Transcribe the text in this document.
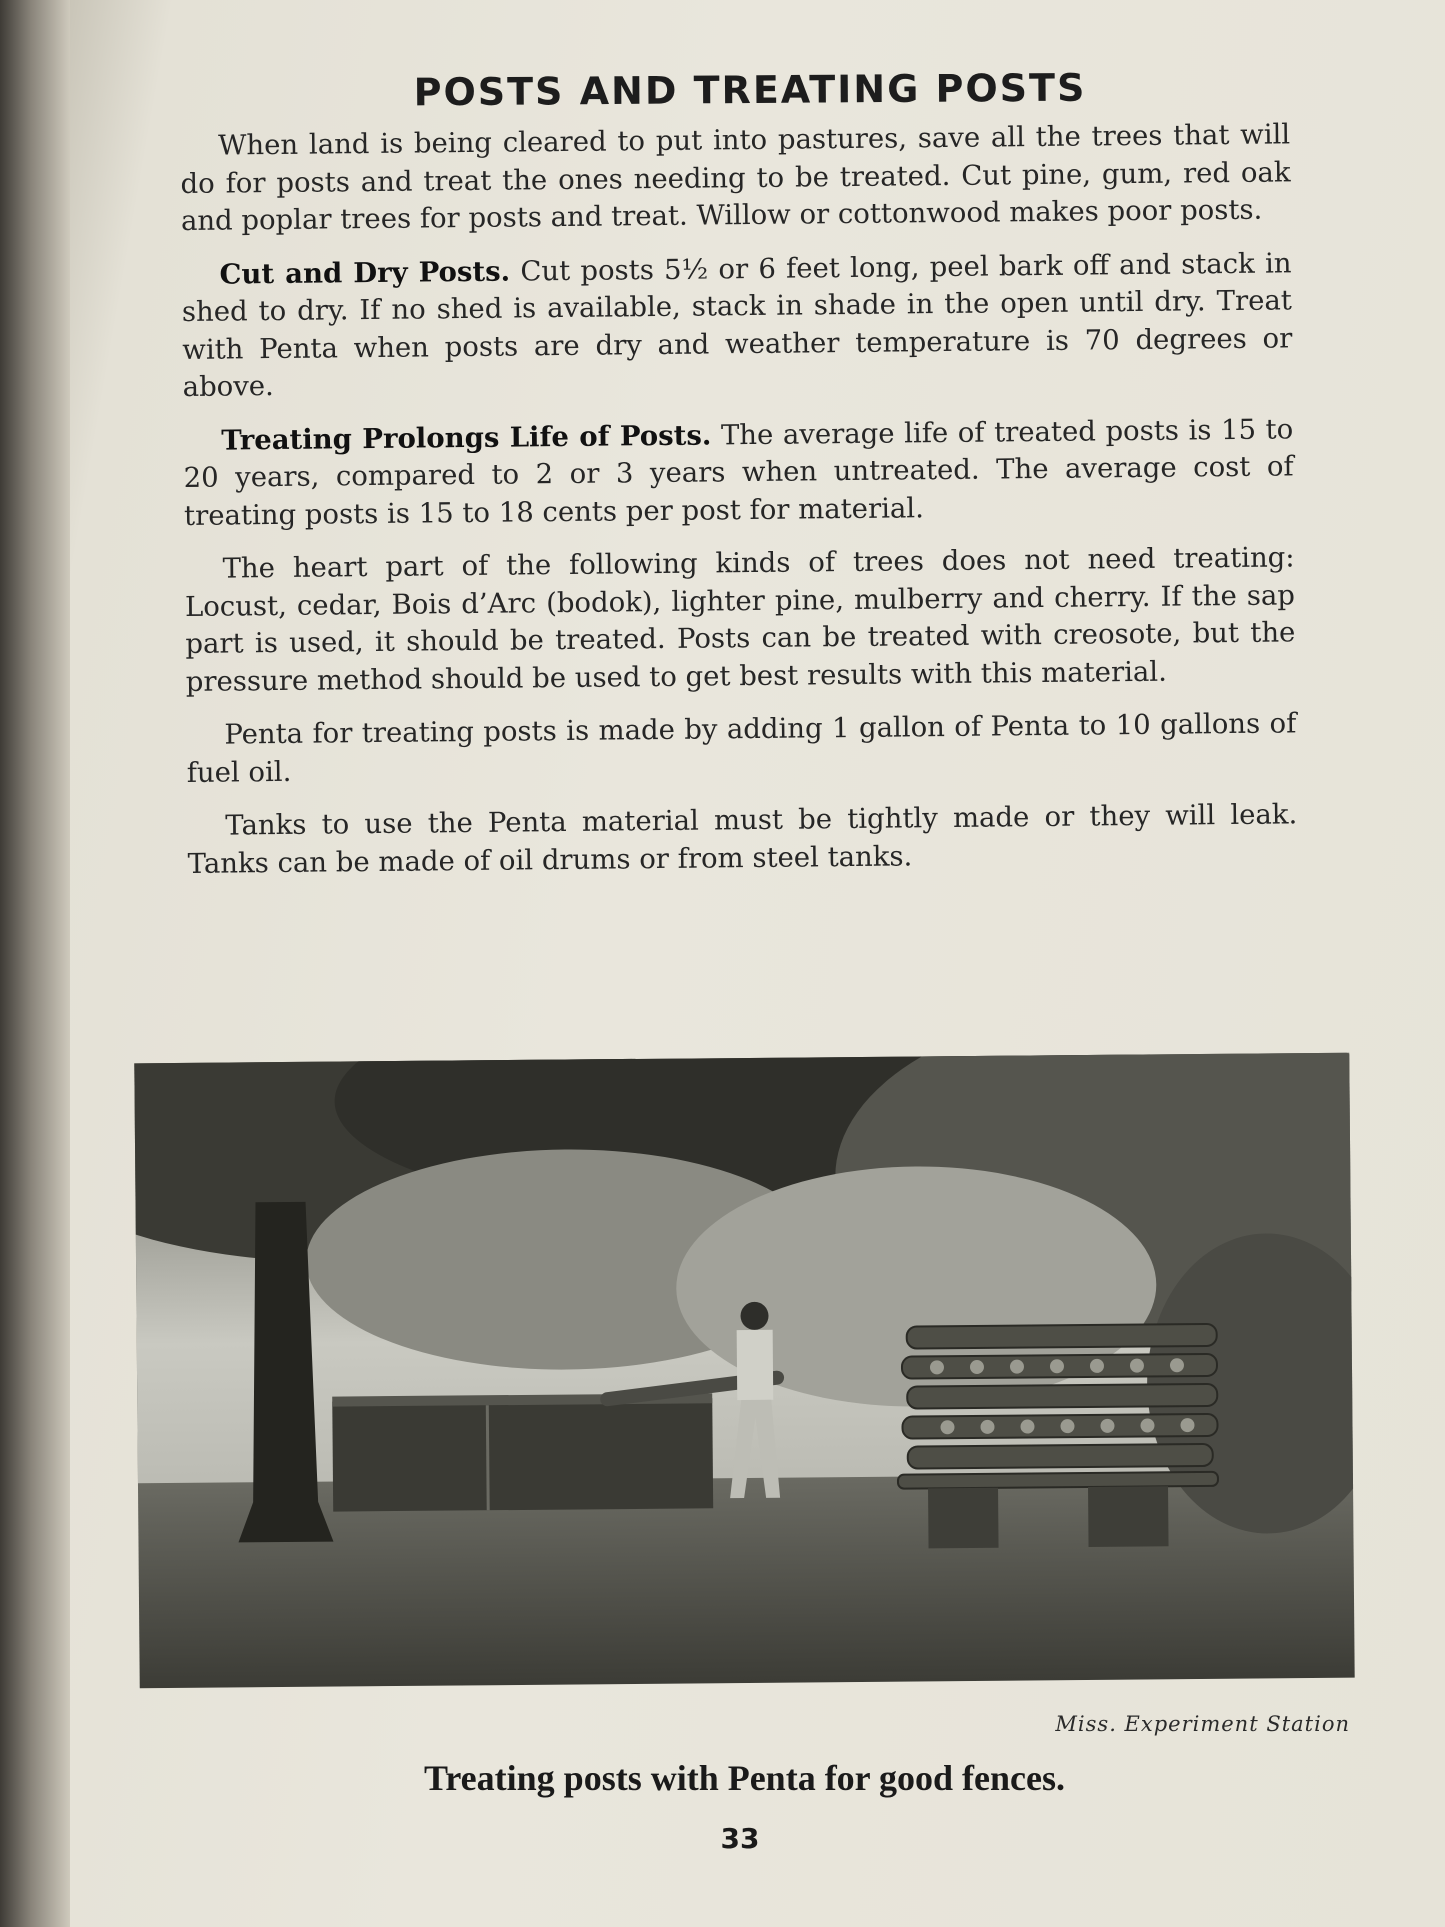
POSTS AND TREATING POSTS

When land is being cleared to put into pastures, save all the trees that will do for posts and treat the ones needing to be treated. Cut pine, gum, red oak and poplar trees for posts and treat. Willow or cottonwood makes poor posts.

Cut and Dry Posts. Cut posts 5½ or 6 feet long, peel bark off and stack in shed to dry. If no shed is available, stack in shade in the open until dry. Treat with Penta when posts are dry and weather temperature is 70 degrees or above.

Treating Prolongs Life of Posts. The average life of treated posts is 15 to 20 years, compared to 2 or 3 years when untreated. The average cost of treating posts is 15 to 18 cents per post for material.

The heart part of the following kinds of trees does not need treating: Locust, cedar, Bois d’Arc (bodok), lighter pine, mulberry and cherry. If the sap part is used, it should be treated. Posts can be treated with creosote, but the pressure method should be used to get best results with this material.

Penta for treating posts is made by adding 1 gallon of Penta to 10 gallons of fuel oil.

Tanks to use the Penta material must be tightly made or they will leak. Tanks can be made of oil drums or from steel tanks.

Miss. Experiment Station
Treating posts with Penta for good fences.
33
